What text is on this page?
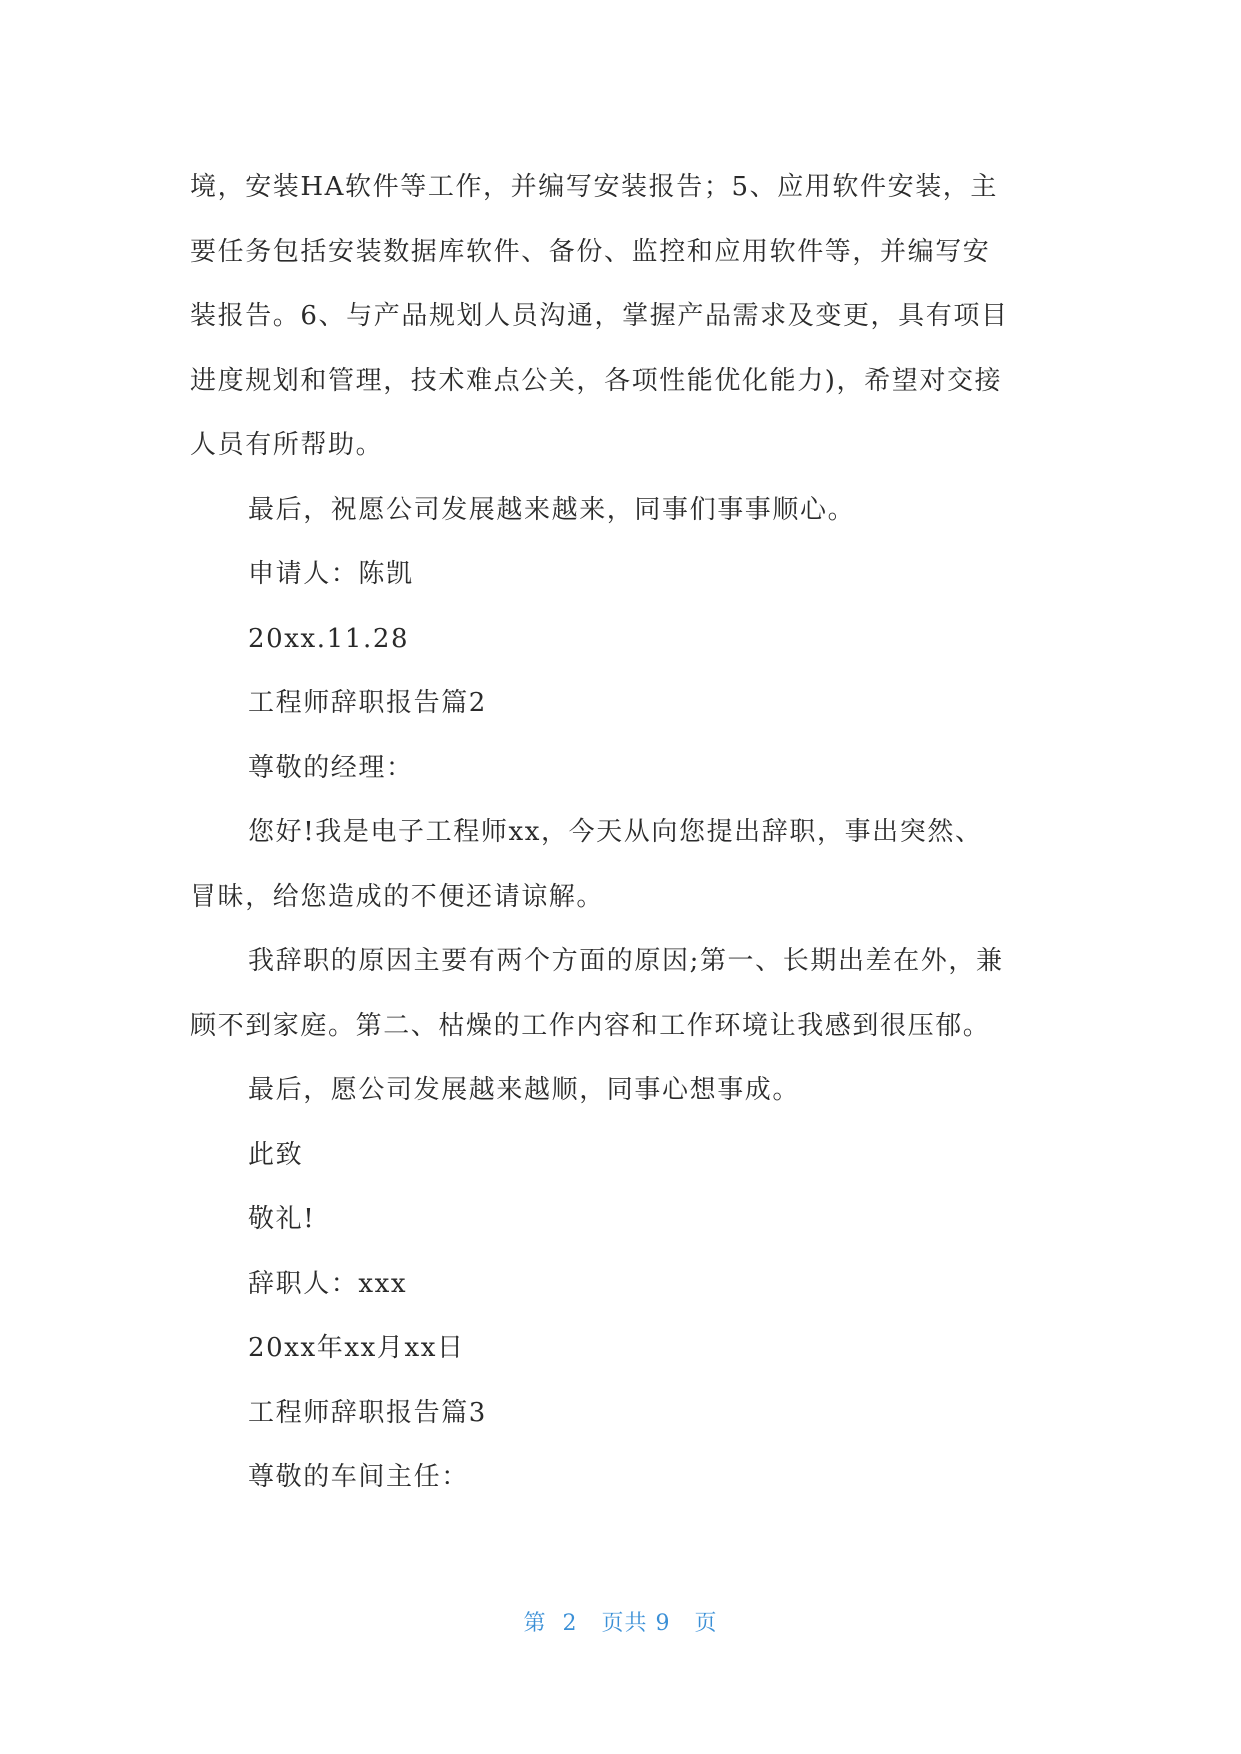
境，安装HA软件等工作，并编写安装报告；5、应用软件安装，主
要任务包括安装数据库软件、备份、监控和应用软件等，并编写安
装报告。6、与产品规划人员沟通，掌握产品需求及变更，具有项目
进度规划和管理，技术难点公关，各项性能优化能力)，希望对交接
人员有所帮助。
最后，祝愿公司发展越来越来，同事们事事顺心。
申请人：陈凯
20xx.11.28
工程师辞职报告篇2
尊敬的经理：
您好!我是电子工程师xx，今天从向您提出辞职，事出突然、
冒昧，给您造成的不便还请谅解。
我辞职的原因主要有两个方面的原因;第一、长期出差在外，兼
顾不到家庭。第二、枯燥的工作内容和工作环境让我感到很压郁。
最后，愿公司发展越来越顺，同事心想事成。
此致
敬礼!
辞职人：xxx
20xx年xx月xx日
工程师辞职报告篇3
尊敬的车间主任：
第  2   页共 9   页
